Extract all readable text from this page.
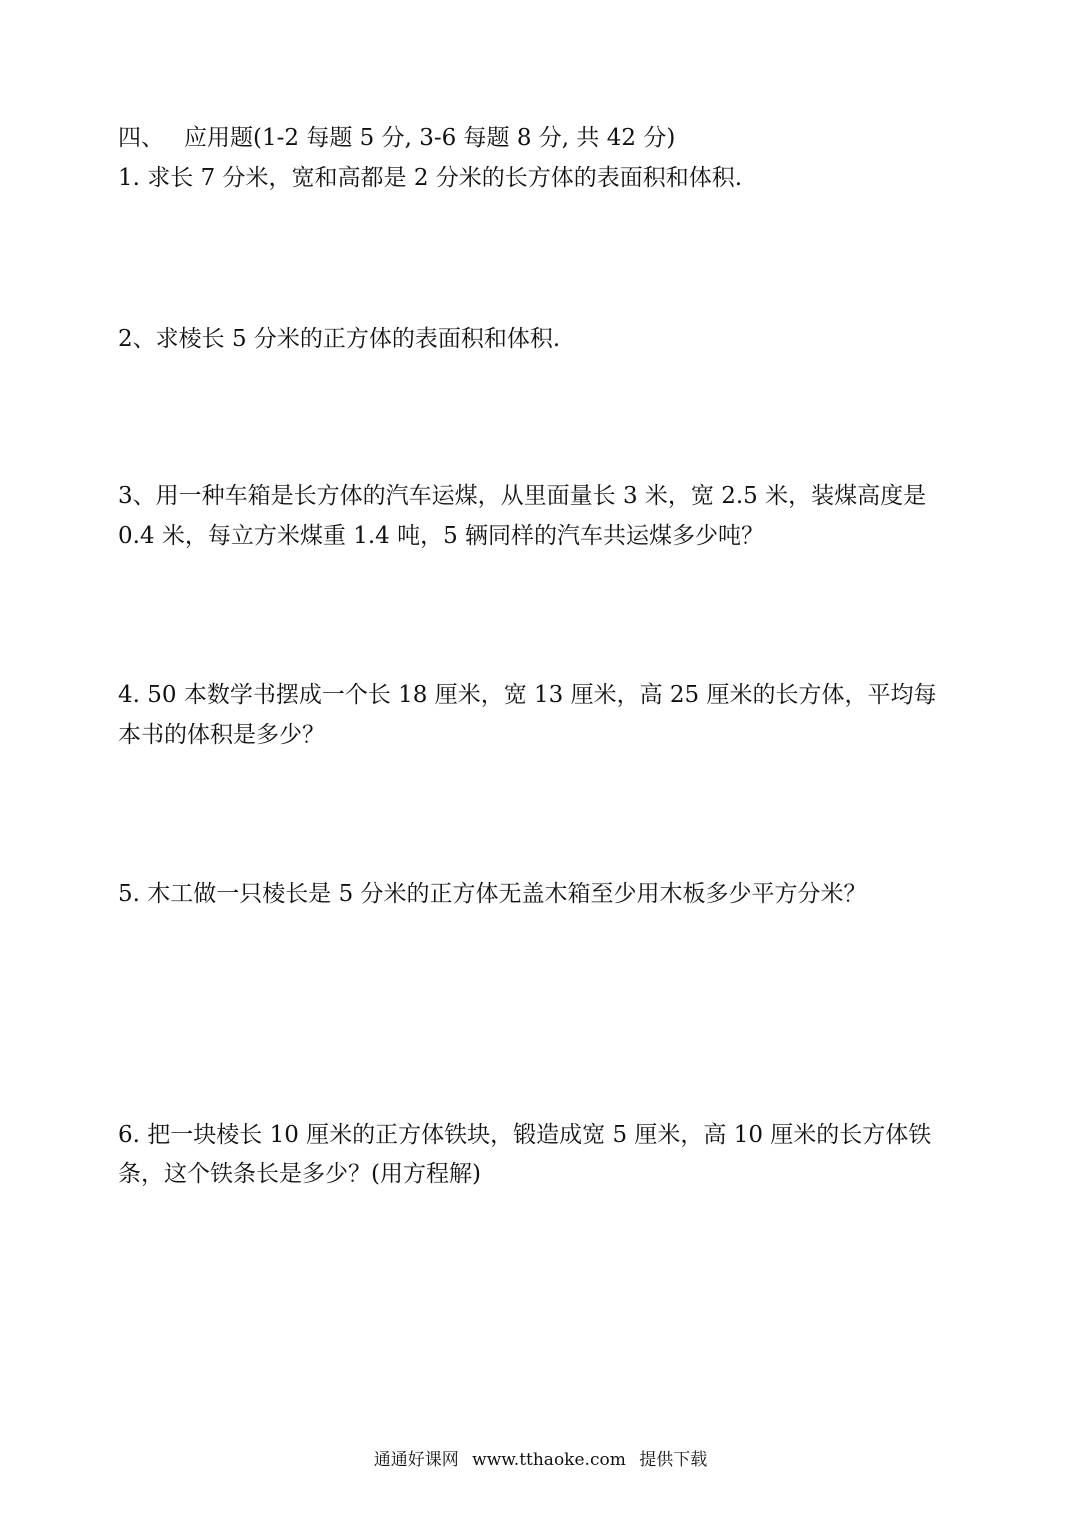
四、 应用题(1-2 每题 5 分, 3-6 每题 8 分, 共 42 分)
1. 求长 7 分米，宽和高都是 2 分米的长方体的表面积和体积.
2、求棱长 5 分米的正方体的表面积和体积.
3、用一种车箱是长方体的汽车运煤，从里面量长 3 米，宽 2.5 米，装煤高度是
0.4 米，每立方米煤重 1.4 吨，5 辆同样的汽车共运煤多少吨？
4. 50 本数学书摆成一个长 18 厘米，宽 13 厘米，高 25 厘米的长方体，平均每
本书的体积是多少？
5. 木工做一只棱长是 5 分米的正方体无盖木箱至少用木板多少平方分米？
6. 把一块棱长 10 厘米的正方体铁块，锻造成宽 5 厘米，高 10 厘米的长方体铁
条，这个铁条长是多少？(用方程解)
通通好课网 www.tthaoke.com 提供下载
